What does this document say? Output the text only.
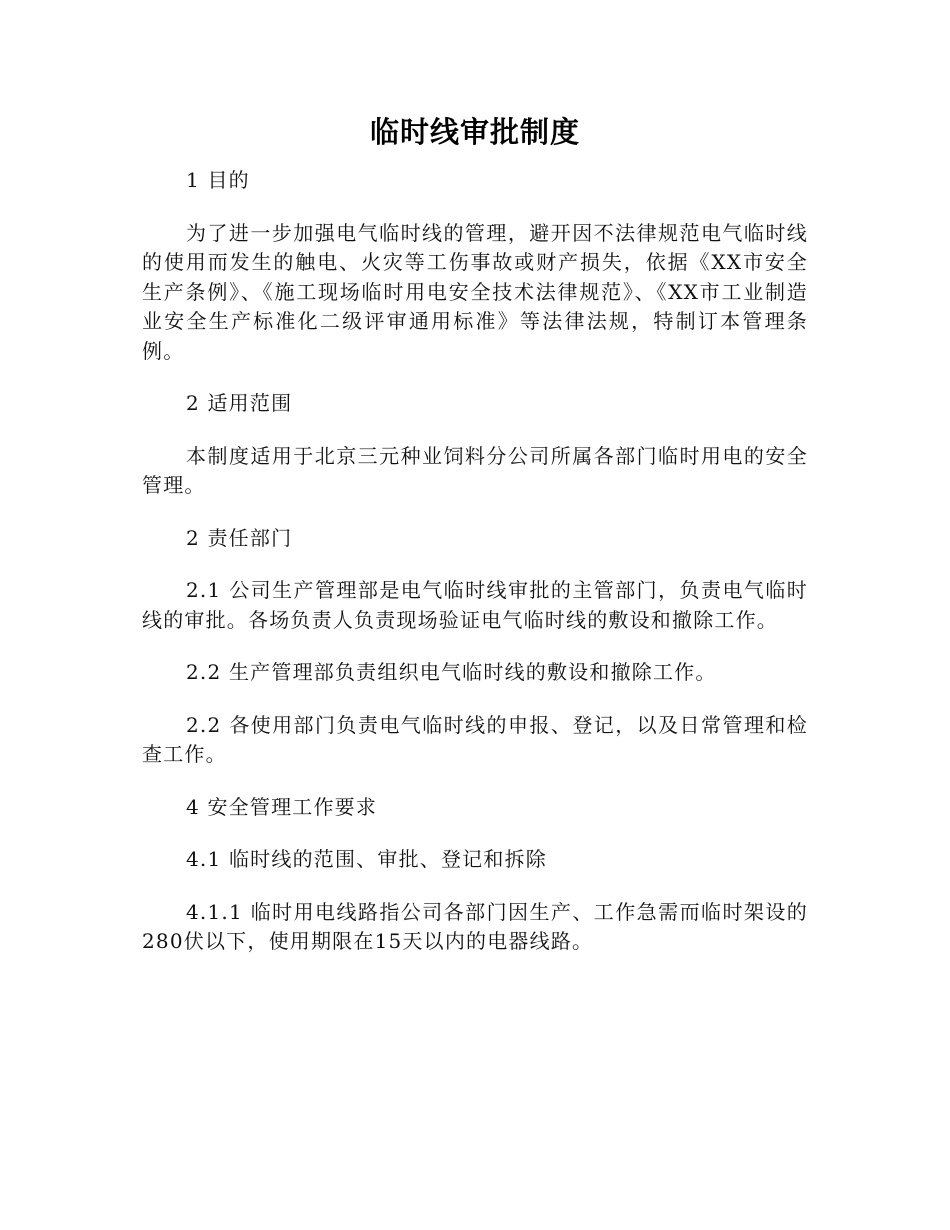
临时线审批制度

1 目的

为了进一步加强电气临时线的管理，避开因不法律规范电气临时线的使用而发生的触电、火灾等工伤事故或财产损失，依据《XX市安全生产条例》、《施工现场临时用电安全技术法律规范》、《XX市工业制造业安全生产标准化二级评审通用标准》等法律法规，特制订本管理条例。

2 适用范围

本制度适用于北京三元种业饲料分公司所属各部门临时用电的安全管理。

2 责任部门

2.1 公司生产管理部是电气临时线审批的主管部门，负责电气临时线的审批。各场负责人负责现场验证电气临时线的敷设和撤除工作。

2.2 生产管理部负责组织电气临时线的敷设和撤除工作。

2.2 各使用部门负责电气临时线的申报、登记，以及日常管理和检查工作。

4 安全管理工作要求

4.1 临时线的范围、审批、登记和拆除

4.1.1 临时用电线路指公司各部门因生产、工作急需而临时架设的280伏以下，使用期限在15天以内的电器线路。
